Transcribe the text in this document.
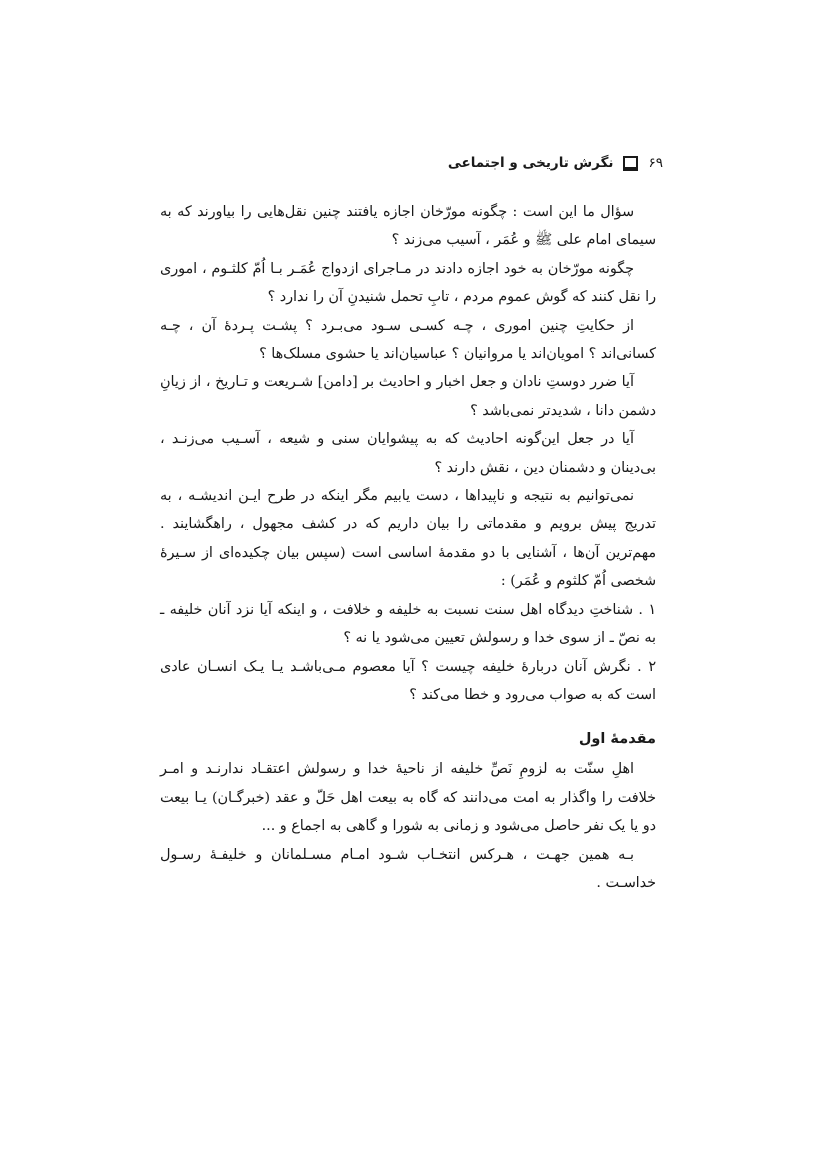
۶۹
نگرش تاریخی و اجتماعی

سؤال ما این است : چگونه مورّخان اجازه یافتند چنین نقل‌هایی را بیاورند که به سیمای امام علی ﷺ و عُمَر ، آسیب می‌زند ؟

چگونه مورّخان به خود اجازه دادند در مـاجرای ازدواج عُمَـر بـا اُمّ کلثـوم ، اموری را نقل کنند که گوش عموم مردم ، تابِ تحمل شنیدنِ آن را ندارد ؟

از حکایتِ چنین اموری ، چـه کسـی سـود می‌بـرد ؟ پشـت پـردهٔ آن ، چـه کسانی‌اند ؟ امویان‌اند یا مروانیان ؟ عباسیان‌اند یا حشوی مسلک‌ها ؟

آیا ضرر دوستِ نادان و جعل اخبار و احادیث بر [دامن] شـریعت و تـاریخ ، از زیانِ دشمن دانا ، شدیدتر نمی‌باشد ؟

آیا در جعل این‌گونه احادیث که به پیشوایان سنی و شیعه ، آسـیب می‌زنـد ، بی‌دینان و دشمنان دین ، نقش دارند ؟

نمی‌توانیم به نتیجه و ناپیداها ، دست یابیم مگر اینکه در طرح ایـن اندیشـه ، به تدریج پیش برویم و مقدماتی را بیان داریم که در کشف مجهول ، راهگشایند . مهم‌ترین آن‌ها ، آشنایی با دو مقدمهٔ اساسی است (سپس بیان چکیده‌ای از سـیرهٔ شخصی اُمّ کلثوم و عُمَر) :

۱ . شناختِ دیدگاه اهل سنت نسبت به خلیفه و خلافت ، و اینکه آیا نزد آنان خلیفه ـ به نصّ ـ از سوی خدا و رسولش تعیین می‌شود یا نه ؟

۲ . نگرش آنان دربارهٔ خلیفه چیست ؟ آیا معصوم مـی‌باشـد یـا یـک انسـان عادی است که به صواب می‌رود و خطا می‌کند ؟

مقدمهٔ اول

اهلِ سنّت به لزومِ نَصِّ خلیفه از ناحیهٔ خدا و رسولش اعتقـاد ندارنـد و امـر خلافت را واگذار به امت می‌دانند که گاه به بیعت اهل حَلّ و عقد (خبرگـان) یـا بیعت دو یا یک نفر حاصل می‌شود و زمانی به شورا و گاهی به اجماع و ...

بـه همین جهـت ، هـرکس انتخـاب شـود امـام مسـلمانان و خلیفـهٔ رسـول خداسـت .
